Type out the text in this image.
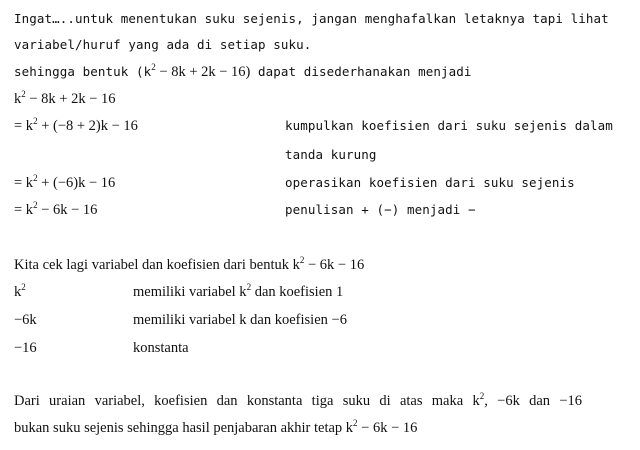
Ingat…..untuk menentukan suku sejenis, jangan menghafalkan letaknya tapi lihat
variabel/huruf yang ada di setiap suku.
sehingga bentuk $(k^2 - 8k + 2k - 16)$ dapat disederhanakan menjadi
$k^2 - 8k + 2k - 16$
= $k^2 + (-8 + 2)k - 16$	kumpulkan koefisien dari suku sejenis dalam
tanda kurung
= $k^2 + (-6)k - 16$	operasikan koefisien dari suku sejenis
= $k^2 - 6k - 16$	penulisan + (−) menjadi −
Kita cek lagi variabel dan koefisien dari bentuk $k^2 - 6k - 16$
$k^2$	memiliki variabel $k^2$ dan koefisien 1
−6k	memiliki variabel k dan koefisien −6
−16	konstanta
Dari uraian variabel, koefisien dan konstanta tiga suku di atas maka $k^2$, −6k dan −16
bukan suku sejenis sehingga hasil penjabaran akhir tetap $k^2 - 6k - 16$
